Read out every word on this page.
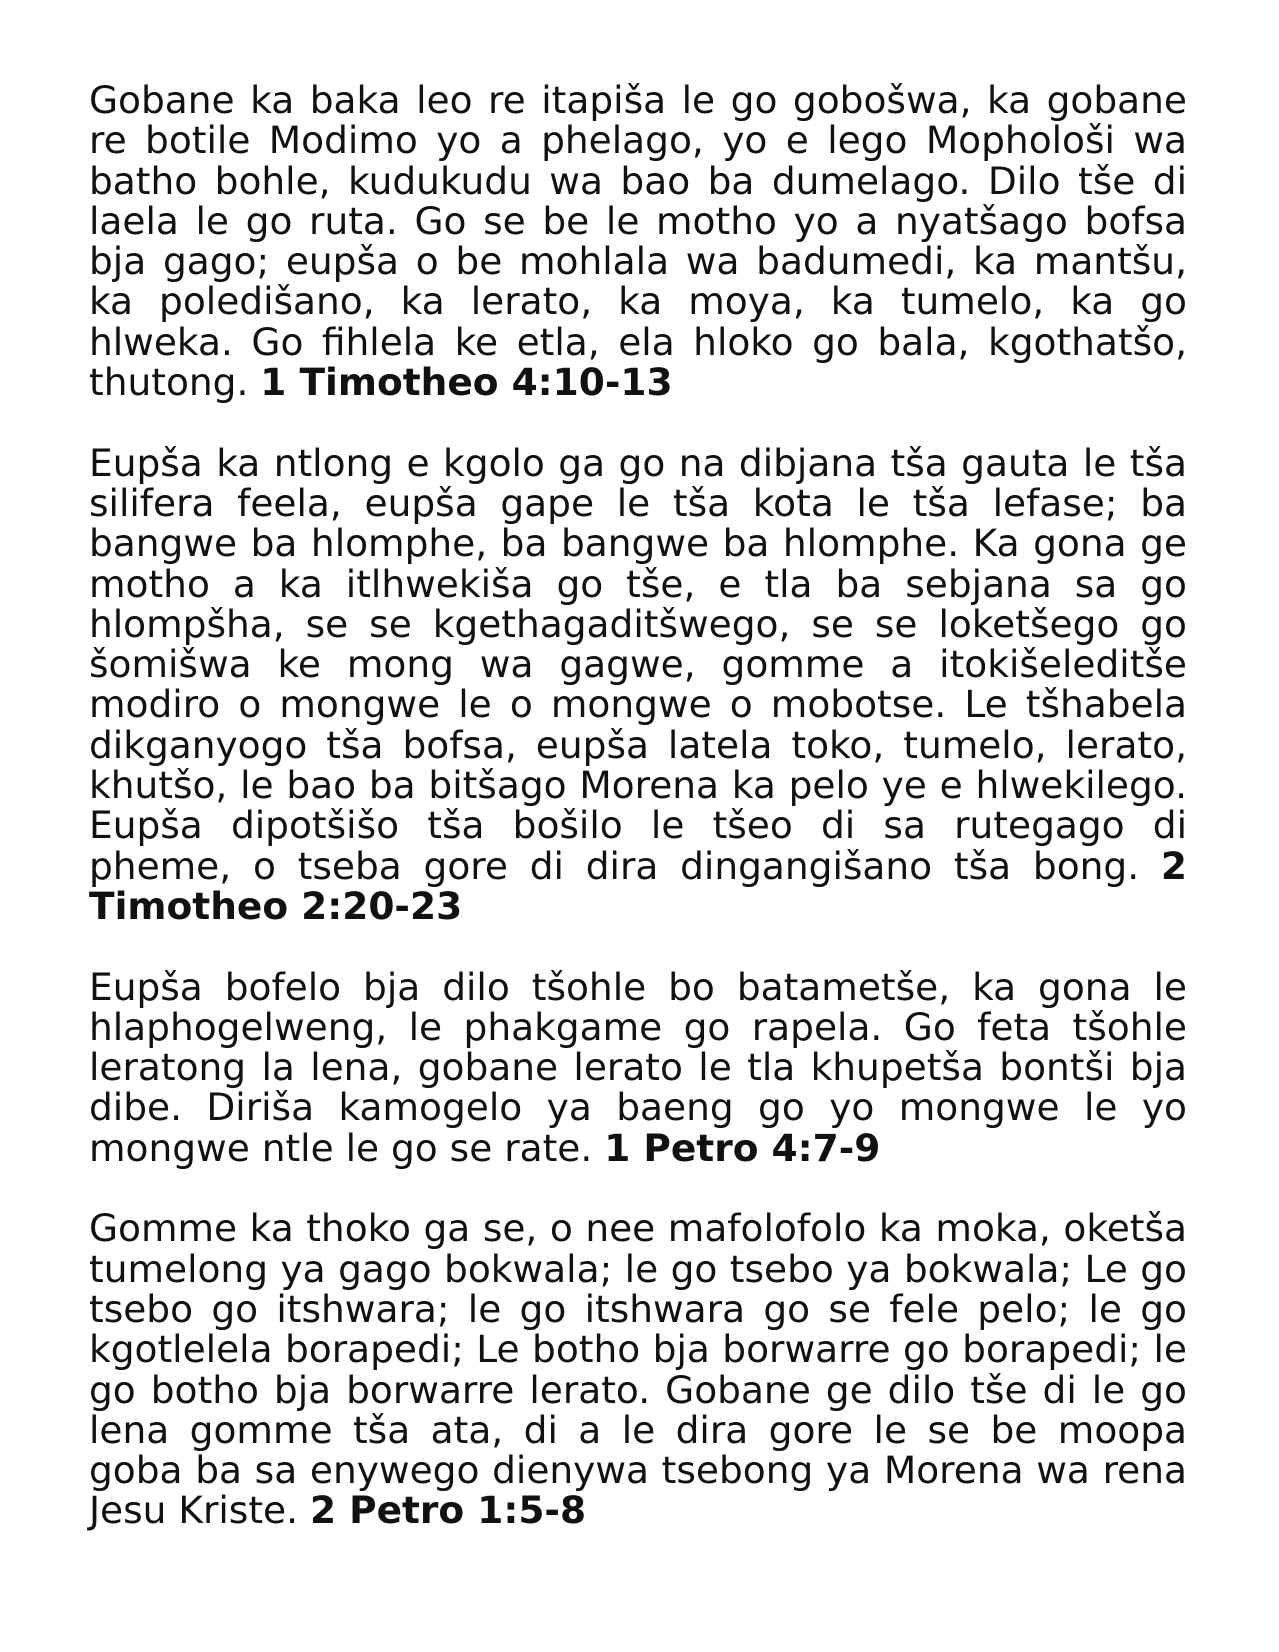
Gobane ka baka leo re itapiša le go gobošwa, ka gobane re botile Modimo yo a phelago, yo e lego Mophološi wa batho bohle, kudukudu wa bao ba dumelago. Dilo tše di laela le go ruta. Go se be le motho yo a nyatšago bofsa bja gago; eupša o be mohlala wa badumedi, ka mantšu, ka poledišano, ka lerato, ka moya, ka tumelo, ka go hlweka. Go fihlela ke etla, ela hloko go bala, kgothatšo, thutong. 1 Timotheo 4:10-13

Eupša ka ntlong e kgolo ga go na dibjana tša gauta le tša silifera feela, eupša gape le tša kota le tša lefase; ba bangwe ba hlomphe, ba bangwe ba hlomphe. Ka gona ge motho a ka itlhwekiša go tše, e tla ba sebjana sa go hlompšha, se se kgethagaditšwego, se se loketšego go šomišwa ke mong wa gagwe, gomme a itokišeleditše modiro o mongwe le o mongwe o mobotse. Le tšhabela dikganyogo tša bofsa, eupša latela toko, tumelo, lerato, khutšo, le bao ba bitšago Morena ka pelo ye e hlwekilego. Eupša dipotšišo tša bošilo le tšeo di sa rutegago di pheme, o tseba gore di dira dingangišano tša bong. 2 Timotheo 2:20-23

Eupša bofelo bja dilo tšohle bo batametše, ka gona le hlaphogelweng, le phakgame go rapela. Go feta tšohle leratong la lena, gobane lerato le tla khupetša bontši bja dibe. Diriša kamogelo ya baeng go yo mongwe le yo mongwe ntle le go se rate. 1 Petro 4:7-9

Gomme ka thoko ga se, o nee mafolofolo ka moka, oketša tumelong ya gago bokwala; le go tsebo ya bokwala; Le go tsebo go itshwara; le go itshwara go se fele pelo; le go kgotlelela borapedi; Le botho bja borwarre go borapedi; le go botho bja borwarre lerato. Gobane ge dilo tše di le go lena gomme tša ata, di a le dira gore le se be moopa goba ba sa enywego dienywa tsebong ya Morena wa rena Jesu Kriste. 2 Petro 1:5-8
